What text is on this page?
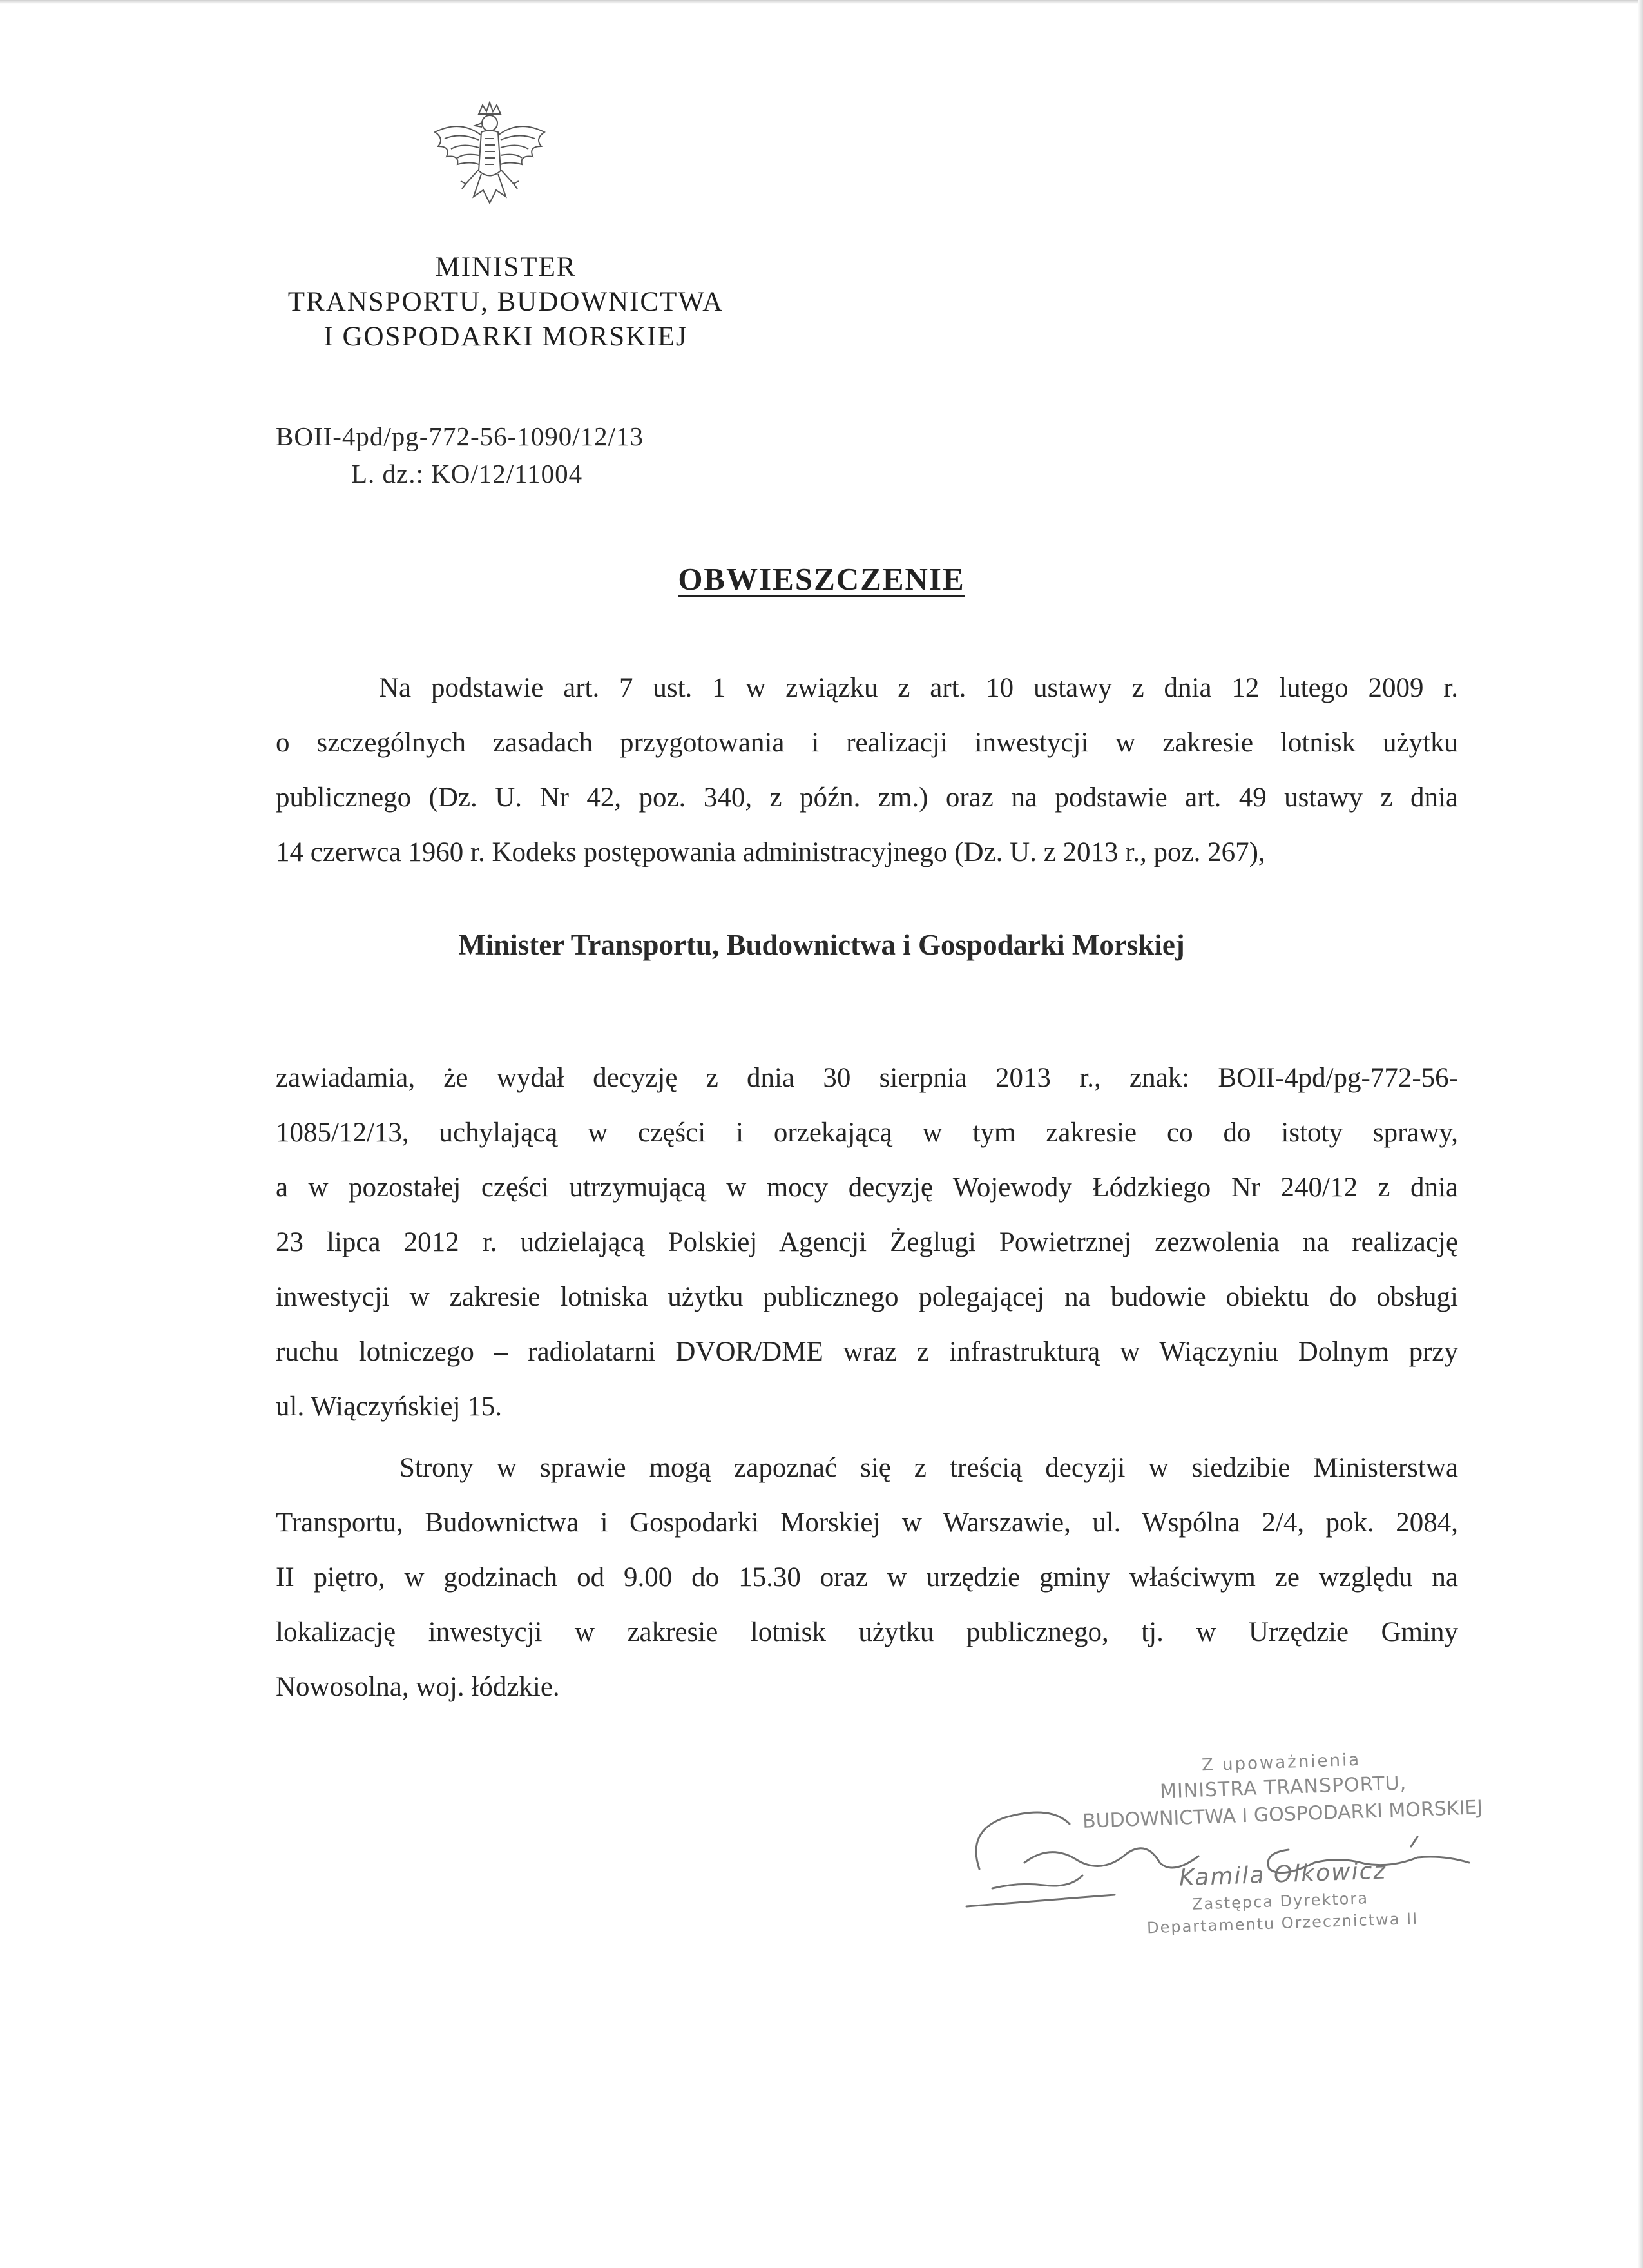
MINISTER
TRANSPORTU, BUDOWNICTWA
I GOSPODARKI MORSKIEJ
BOII-4pd/pg-772-56-1090/12/13
L. dz.: KO/12/11004
OBWIESZCZENIE

Na podstawie art. 7 ust. 1 w związku z art. 10 ustawy z dnia 12 lutego 2009 r.

o szczególnych zasadach przygotowania i realizacji inwestycji w zakresie lotnisk użytku

publicznego (Dz. U. Nr 42, poz. 340, z późn. zm.) oraz na podstawie art. 49 ustawy z dnia

14 czerwca 1960 r. Kodeks postępowania administracyjnego (Dz. U. z 2013 r., poz. 267),

Minister Transportu, Budownictwa i Gospodarki Morskiej

zawiadamia, że wydał decyzję z dnia 30 sierpnia 2013 r., znak: BOII-4pd/pg-772-56-

1085/12/13, uchylającą w części i orzekającą w tym zakresie co do istoty sprawy,

a w pozostałej części utrzymującą w mocy decyzję Wojewody Łódzkiego Nr 240/12 z dnia

23 lipca 2012 r. udzielającą Polskiej Agencji Żeglugi Powietrznej zezwolenia na realizację

inwestycji w zakresie lotniska użytku publicznego polegającej na budowie obiektu do obsługi

ruchu lotniczego – radiolatarni DVOR/DME wraz z infrastrukturą w Wiączyniu Dolnym przy

ul. Wiączyńskiej 15.

Strony w sprawie mogą zapoznać się z treścią decyzji w siedzibie Ministerstwa

Transportu, Budownictwa i Gospodarki Morskiej w Warszawie, ul. Wspólna 2/4, pok. 2084,

II piętro, w godzinach od 9.00 do 15.30 oraz w urzędzie gminy właściwym ze względu na

lokalizację inwestycji w zakresie lotnisk użytku publicznego, tj. w Urzędzie Gminy

Nowosolna, woj. łódzkie.

Z upoważnienia
MINISTRA TRANSPORTU,
BUDOWNICTWA I GOSPODARKI MORSKIEJ
Kamila Olkowicz
Zastępca Dyrektora
Departamentu Orzecznictwa II
